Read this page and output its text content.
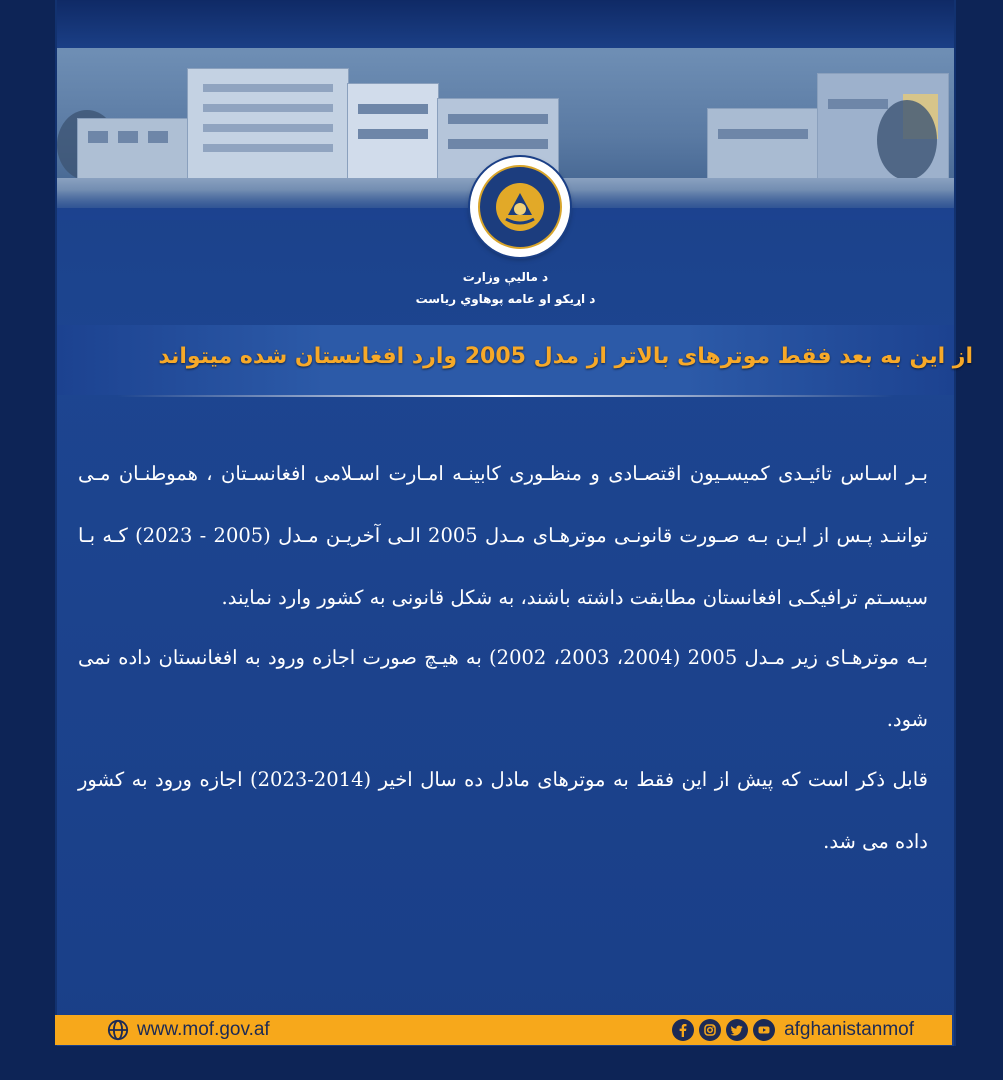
د مالیې وزارت
د اړیکو او عامه پوهاوي ریاست
از این به بعد فقط موترهای بالاتر از مدل 2005 وارد افغانستان شده میتواند

بـر اسـاس تائیـدی کمیسـیون اقتصـادی و منظـوری کابینـه امـارت اسـلامی افغانسـتان ، هموطنـان مـی تواننـد پـس از ایـن بـه صـورت قانونـی موترهـای مـدل 2005 الـی آخریـن مـدل (2005 - 2023) کـه بـا سیسـتم ترافیکـی افغانستان مطابقت داشته باشند، به شکل قانونی به کشور وارد نمایند.

بـه موترهـای زیر مـدل 2005 (2004، 2003، 2002) به هیـچ صورت اجازه ورود به افغانستان داده نمی شود.

قابل ذکر است که پیش از این فقط به موترهای مادل ده سال اخیر (2014-2023) اجازه ورود به کشور داده می شد.

www.mof.gov.af	afghanistanmof
